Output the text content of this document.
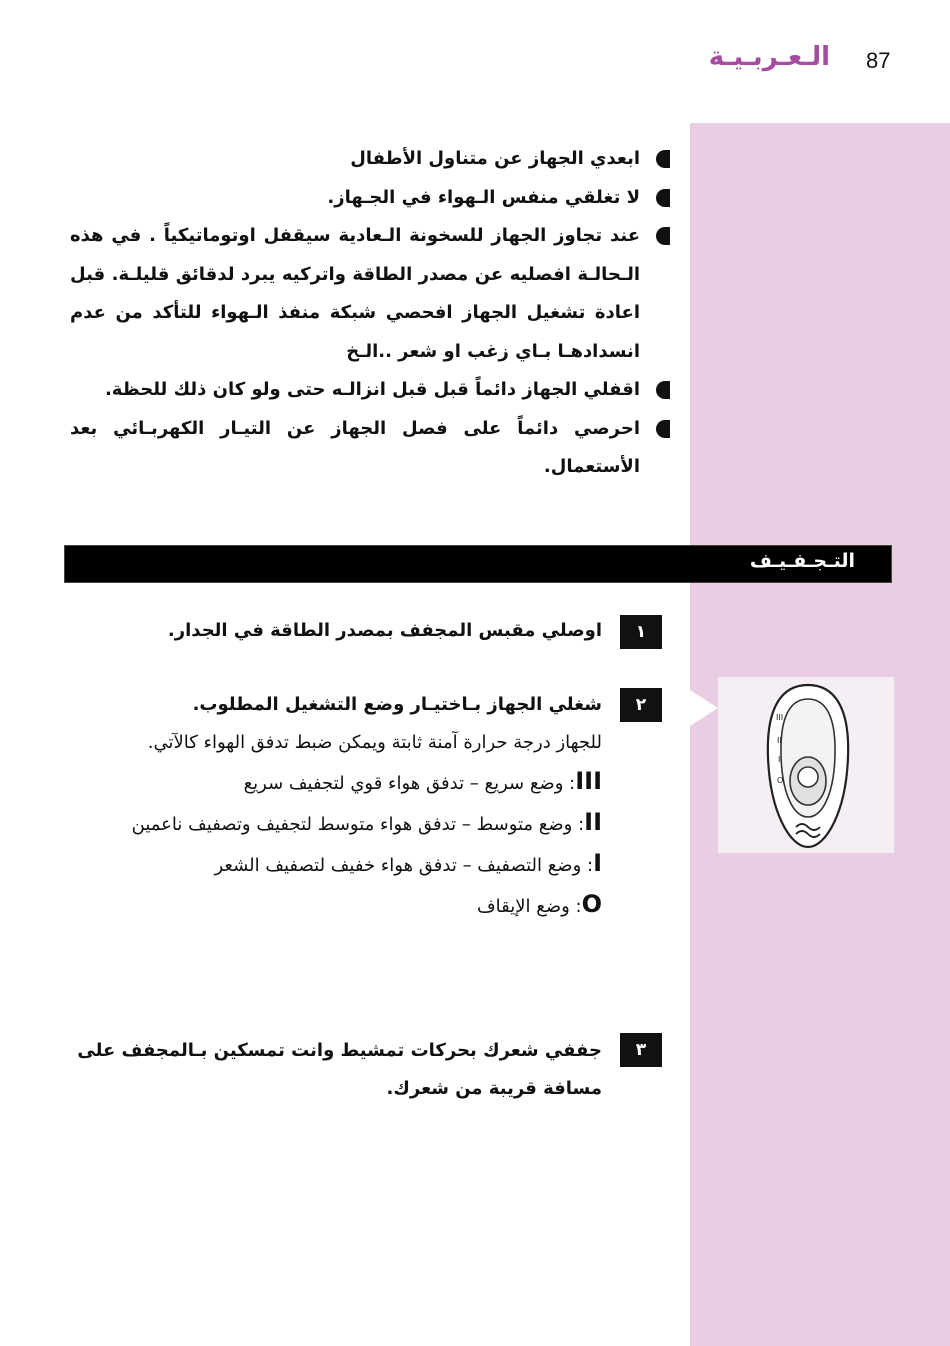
87
الـعـربـيـة
ابعدي الجهاز عن متناول الأطفال
لا تغلقي منفس الـهواء في الجـهاز.
عند تجاوز الجهاز للسخونة الـعادية سيقفل اوتوماتيكياً . في هذه الـحالـة افصليه عن مصدر الطاقة واتركيه يبرد لدقائق قليلـة. قبل اعادة تشغيل الجهاز افحصي شبكة منفذ الـهواء للتأكد من عدم انسدادهـا بـاي زغب او شعر ..الـخ
اقفلي الجهاز دائماً قبل قبل انزالـه حتى ولو كان ذلك للحظة.
احرصي دائماً على فصل الجهاز عن التيـار الكهربـائي بعد الأستعمال.
التـجـفـيـف
١
اوصلي مقبس المجفف بمصدر الطاقة في الجدار.
٢
شغلي الجهاز بـاختيـار وضع التشغيل المطلوب.
للجهاز درجة حرارة آمنة ثابتة ويمكن ضبط تدفق الهواء كالآتي.
III: وضع سريع – تدفق هواء قوي لتجفيف سريع
II: وضع متوسط – تدفق هواء متوسط لتجفيف وتصفيف ناعمين
I: وضع التصفيف – تدفق هواء خفيف لتصفيف الشعر
O: وضع الإيقاف
٣
جففي شعرك بحركات تمشيط وانت تمسكين بـالمجفف على مسافة قريبة من شعرك.
III
II
I
O
